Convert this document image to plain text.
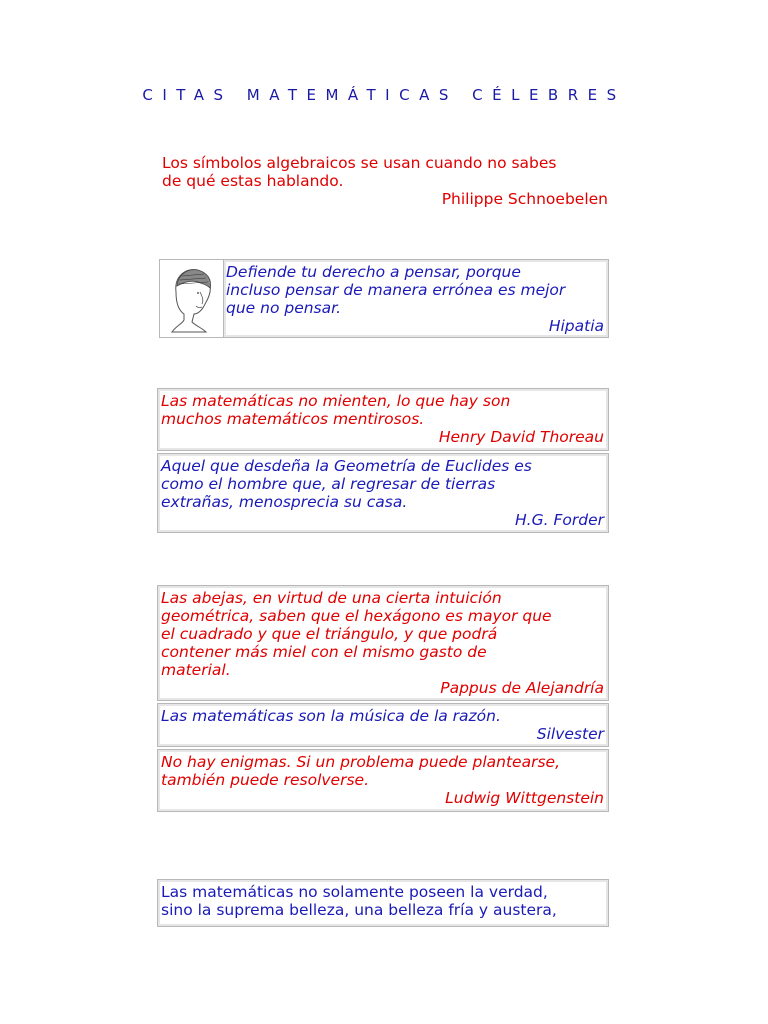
CITAS MATEMÁTICAS CÉLEBRES
Los símbolos algebraicos se usan cuando no sabes
de qué estas hablando.
Philippe Schnoebelen
Defiende tu derecho a pensar, porque
incluso pensar de manera errónea es mejor
que no pensar.
Hipatia
Las matemáticas no mienten, lo que hay son
muchos matemáticos mentirosos.
Henry David Thoreau
Aquel que desdeña la Geometría de Euclides es
como el hombre que, al regresar de tierras
extrañas, menosprecia su casa.
H.G. Forder
Las abejas, en virtud de una cierta intuición
geométrica, saben que el hexágono es mayor que
el cuadrado y que el triángulo, y que podrá
contener más miel con el mismo gasto de
material.
Pappus de Alejandría
Las matemáticas son la música de la razón.
Silvester
No hay enigmas. Si un problema puede plantearse,
también puede resolverse.
Ludwig Wittgenstein
Las matemáticas no solamente poseen la verdad,
sino la suprema belleza, una belleza fría y austera,
